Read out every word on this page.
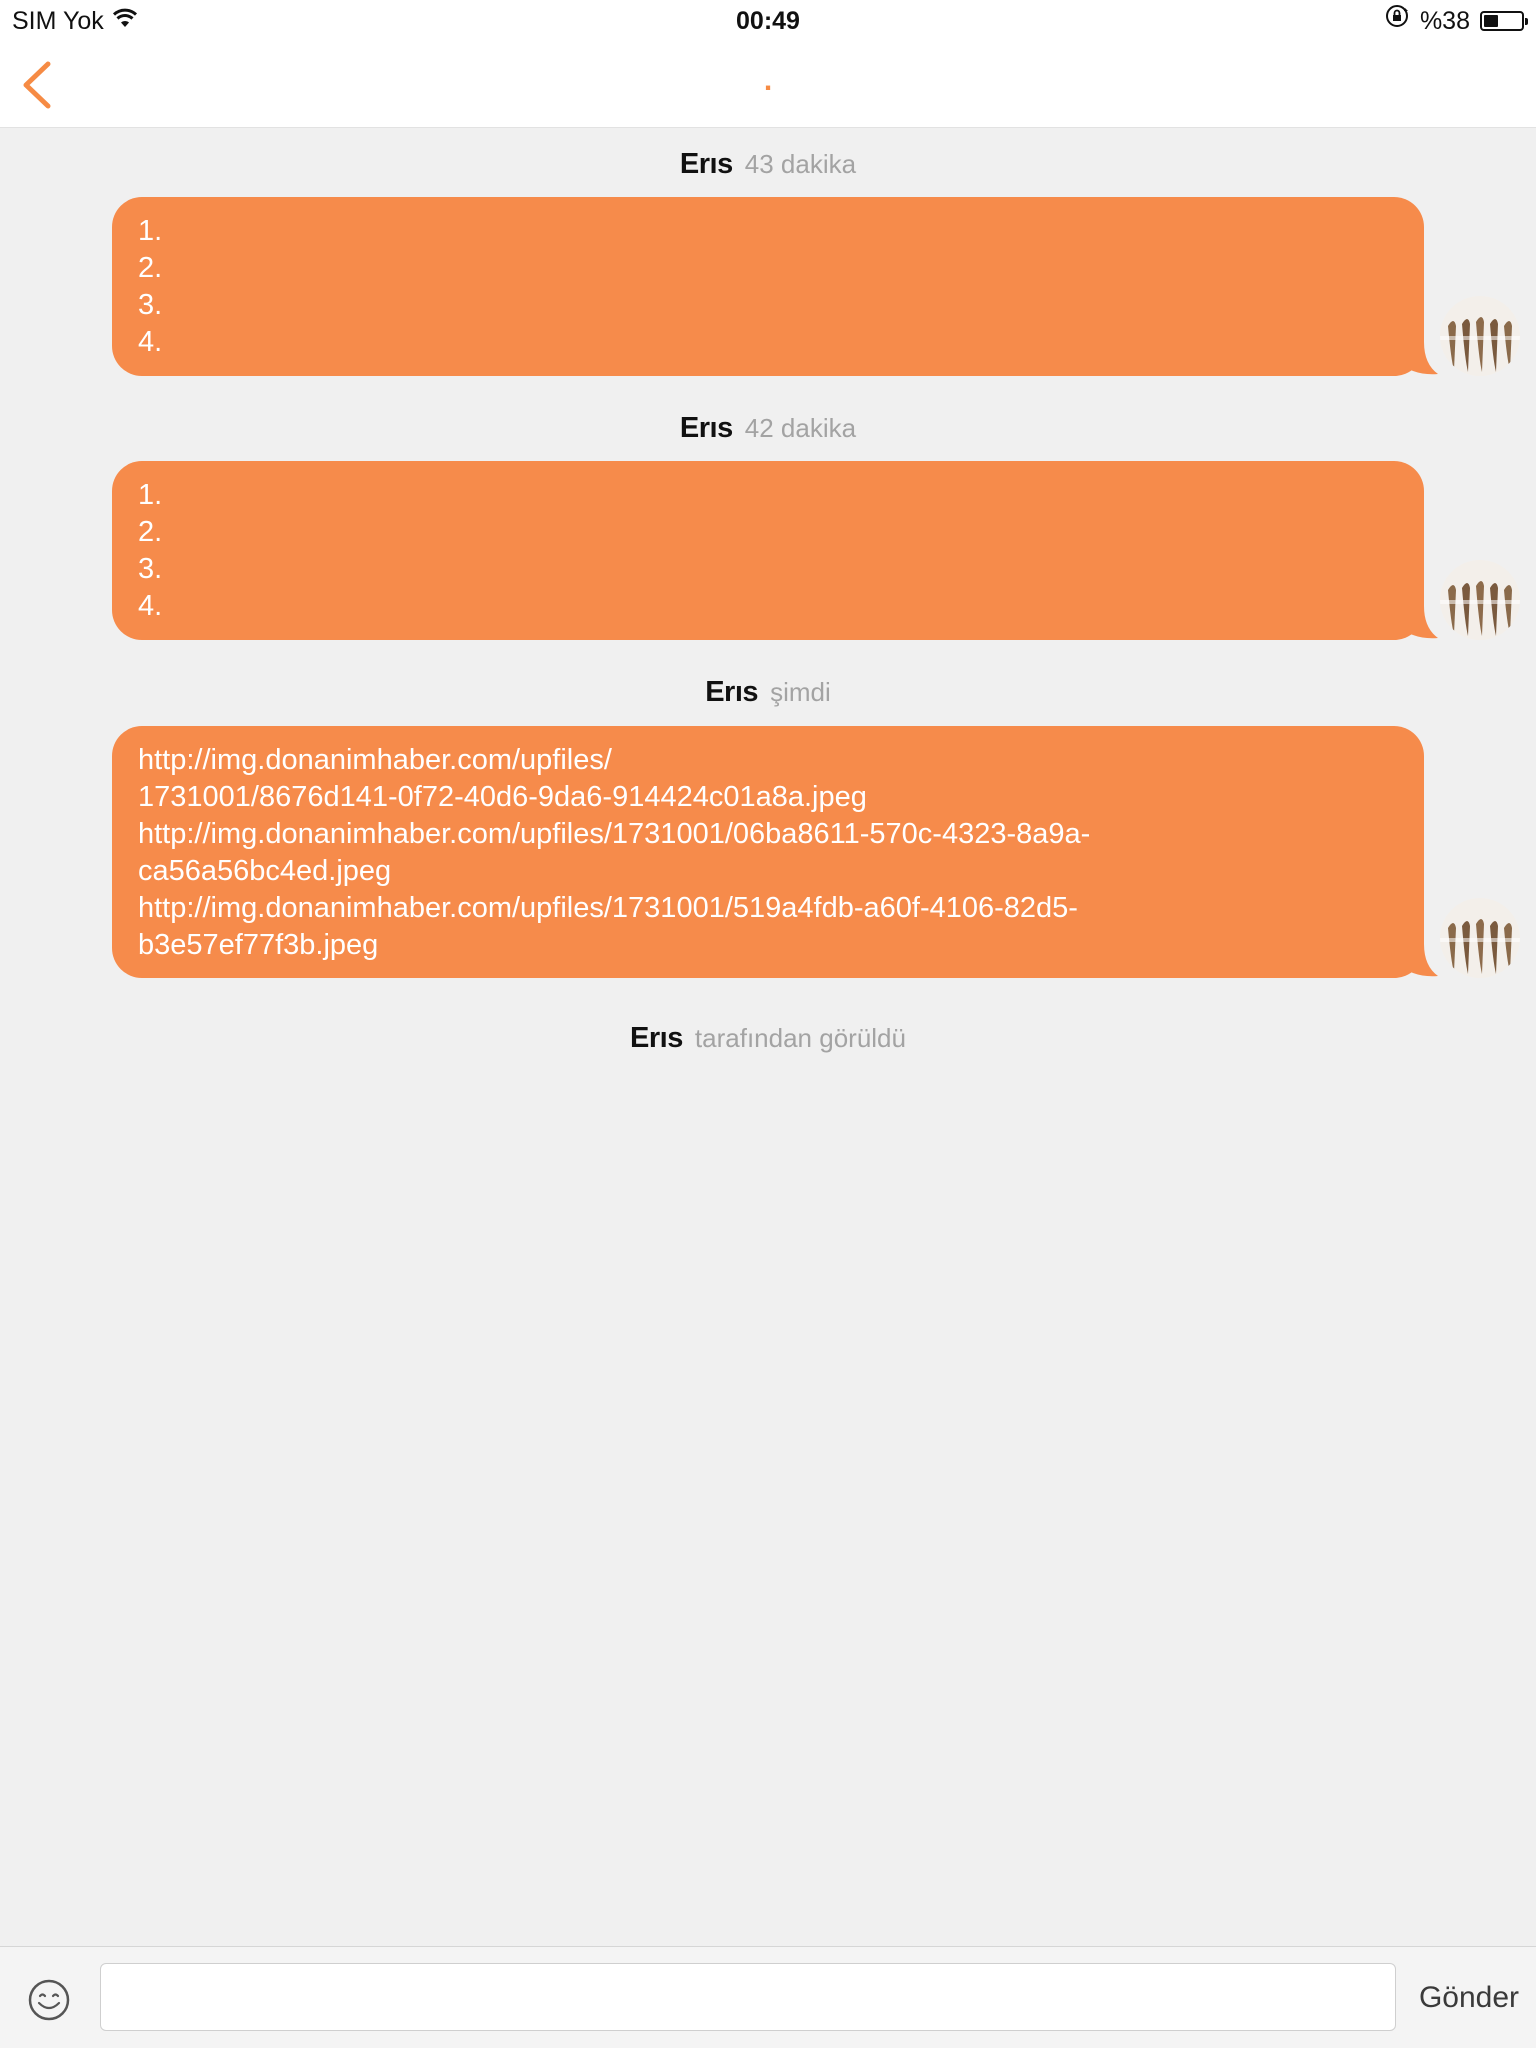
SIM Yok	00:49	%38
.
Erıs 43 dakika
1.
2.
3.
4.
Erıs 42 dakika
1.
2.
3.
4.
Erıs şimdi
http://img.donanimhaber.com/upfiles/
1731001/8676d141-0f72-40d6-9da6-914424c01a8a.jpeg
http://img.donanimhaber.com/upfiles/1731001/06ba8611-570c-4323-8a9a-
ca56a56bc4ed.jpeg
http://img.donanimhaber.com/upfiles/1731001/519a4fdb-a60f-4106-82d5-
b3e57ef77f3b.jpeg
Erıs tarafından görüldü
Gönder
